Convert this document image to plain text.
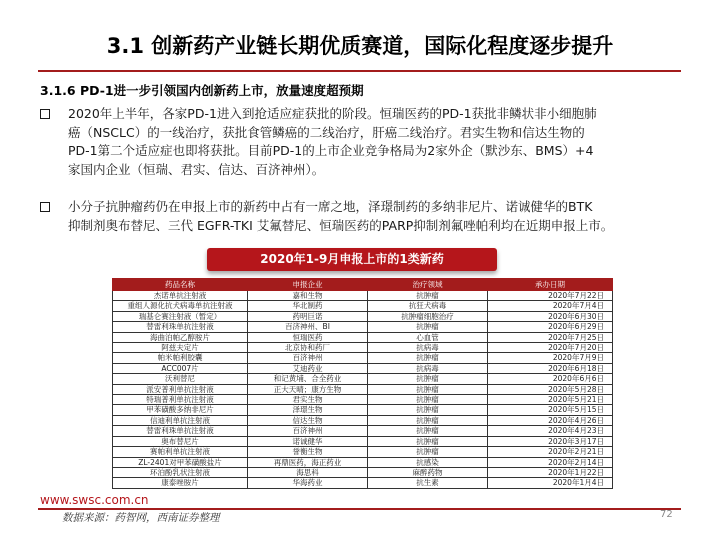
3.1 创新药产业链长期优质赛道，国际化程度逐步提升
3.1.6 PD-1进一步引领国内创新药上市，放量速度超预期
2020年上半年，各家PD-1进入到抢适应症获批的阶段。恒瑞医药的PD-1获批非鳞状非小细胞肺
癌（NSCLC）的一线治疗，获批食管鳞癌的二线治疗，肝癌二线治疗。君实生物和信达生物的
PD-1第二个适应症也即将获批。目前PD-1的上市企业竞争格局为2家外企（默沙东、BMS）+4
家国内企业（恒瑞、君实、信达、百济神州）。
小分子抗肿瘤药仍在申报上市的新药中占有一席之地，泽璟制药的多纳非尼片、诺诚健华的BTK
抑制剂奥布替尼、三代 EGFR-TKI 艾氟替尼、恒瑞医药的PARP抑制剂氟唑帕利均在近期申报上市。
2020年1-9月申报上市的1类新药
药品名称	申报企业	治疗领域	承办日期
杰诺单抗注射液	嘉和生物	抗肿瘤	2020年7月22日
重组人源化抗犬病毒单抗注射液	华北制药	抗狂犬病毒	2020年7月4日
瑞基仑赛注射液（暂定）	药明巨诺	抗肿瘤细胞治疗	2020年6月30日
替雷利珠单抗注射液	百济神州、BI	抗肿瘤	2020年6月29日
海曲泊帕乙醇胺片	恒瑞医药	心血管	2020年7月25日
阿兹夫定片	北京协和药厂	抗病毒	2020年7月20日
帕米帕利胶囊	百济神州	抗肿瘤	2020年7月9日
ACC007片	艾迪药业	抗病毒	2020年6月18日
沃利替尼	和记黄埔、合全药业	抗肿瘤	2020年6月6日
派安普利单抗注射液	正大天晴；康方生物	抗肿瘤	2020年5月28日
特瑞普利单抗注射液	君实生物	抗肿瘤	2020年5月21日
甲苯磺酸多纳非尼片	泽璟生物	抗肿瘤	2020年5月15日
信迪利单抗注射液	信达生物	抗肿瘤	2020年4月26日
替雷利珠单抗注射液	百济神州	抗肿瘤	2020年4月23日
奥布替尼片	诺诚健华	抗肿瘤	2020年3月17日
赛帕利单抗注射液	誉衡生物	抗肿瘤	2020年2月21日
ZL-2401对甲苯磺酸盐片	再鼎医药，海正药业	抗感染	2020年2月14日
环泊酚乳状注射液	海思科	麻醉药物	2020年1月22日
康泰唑胺片	华海药业	抗生素	2020年1月4日
www.swsc.com.cn
数据来源：药智网，西南证券整理	72
